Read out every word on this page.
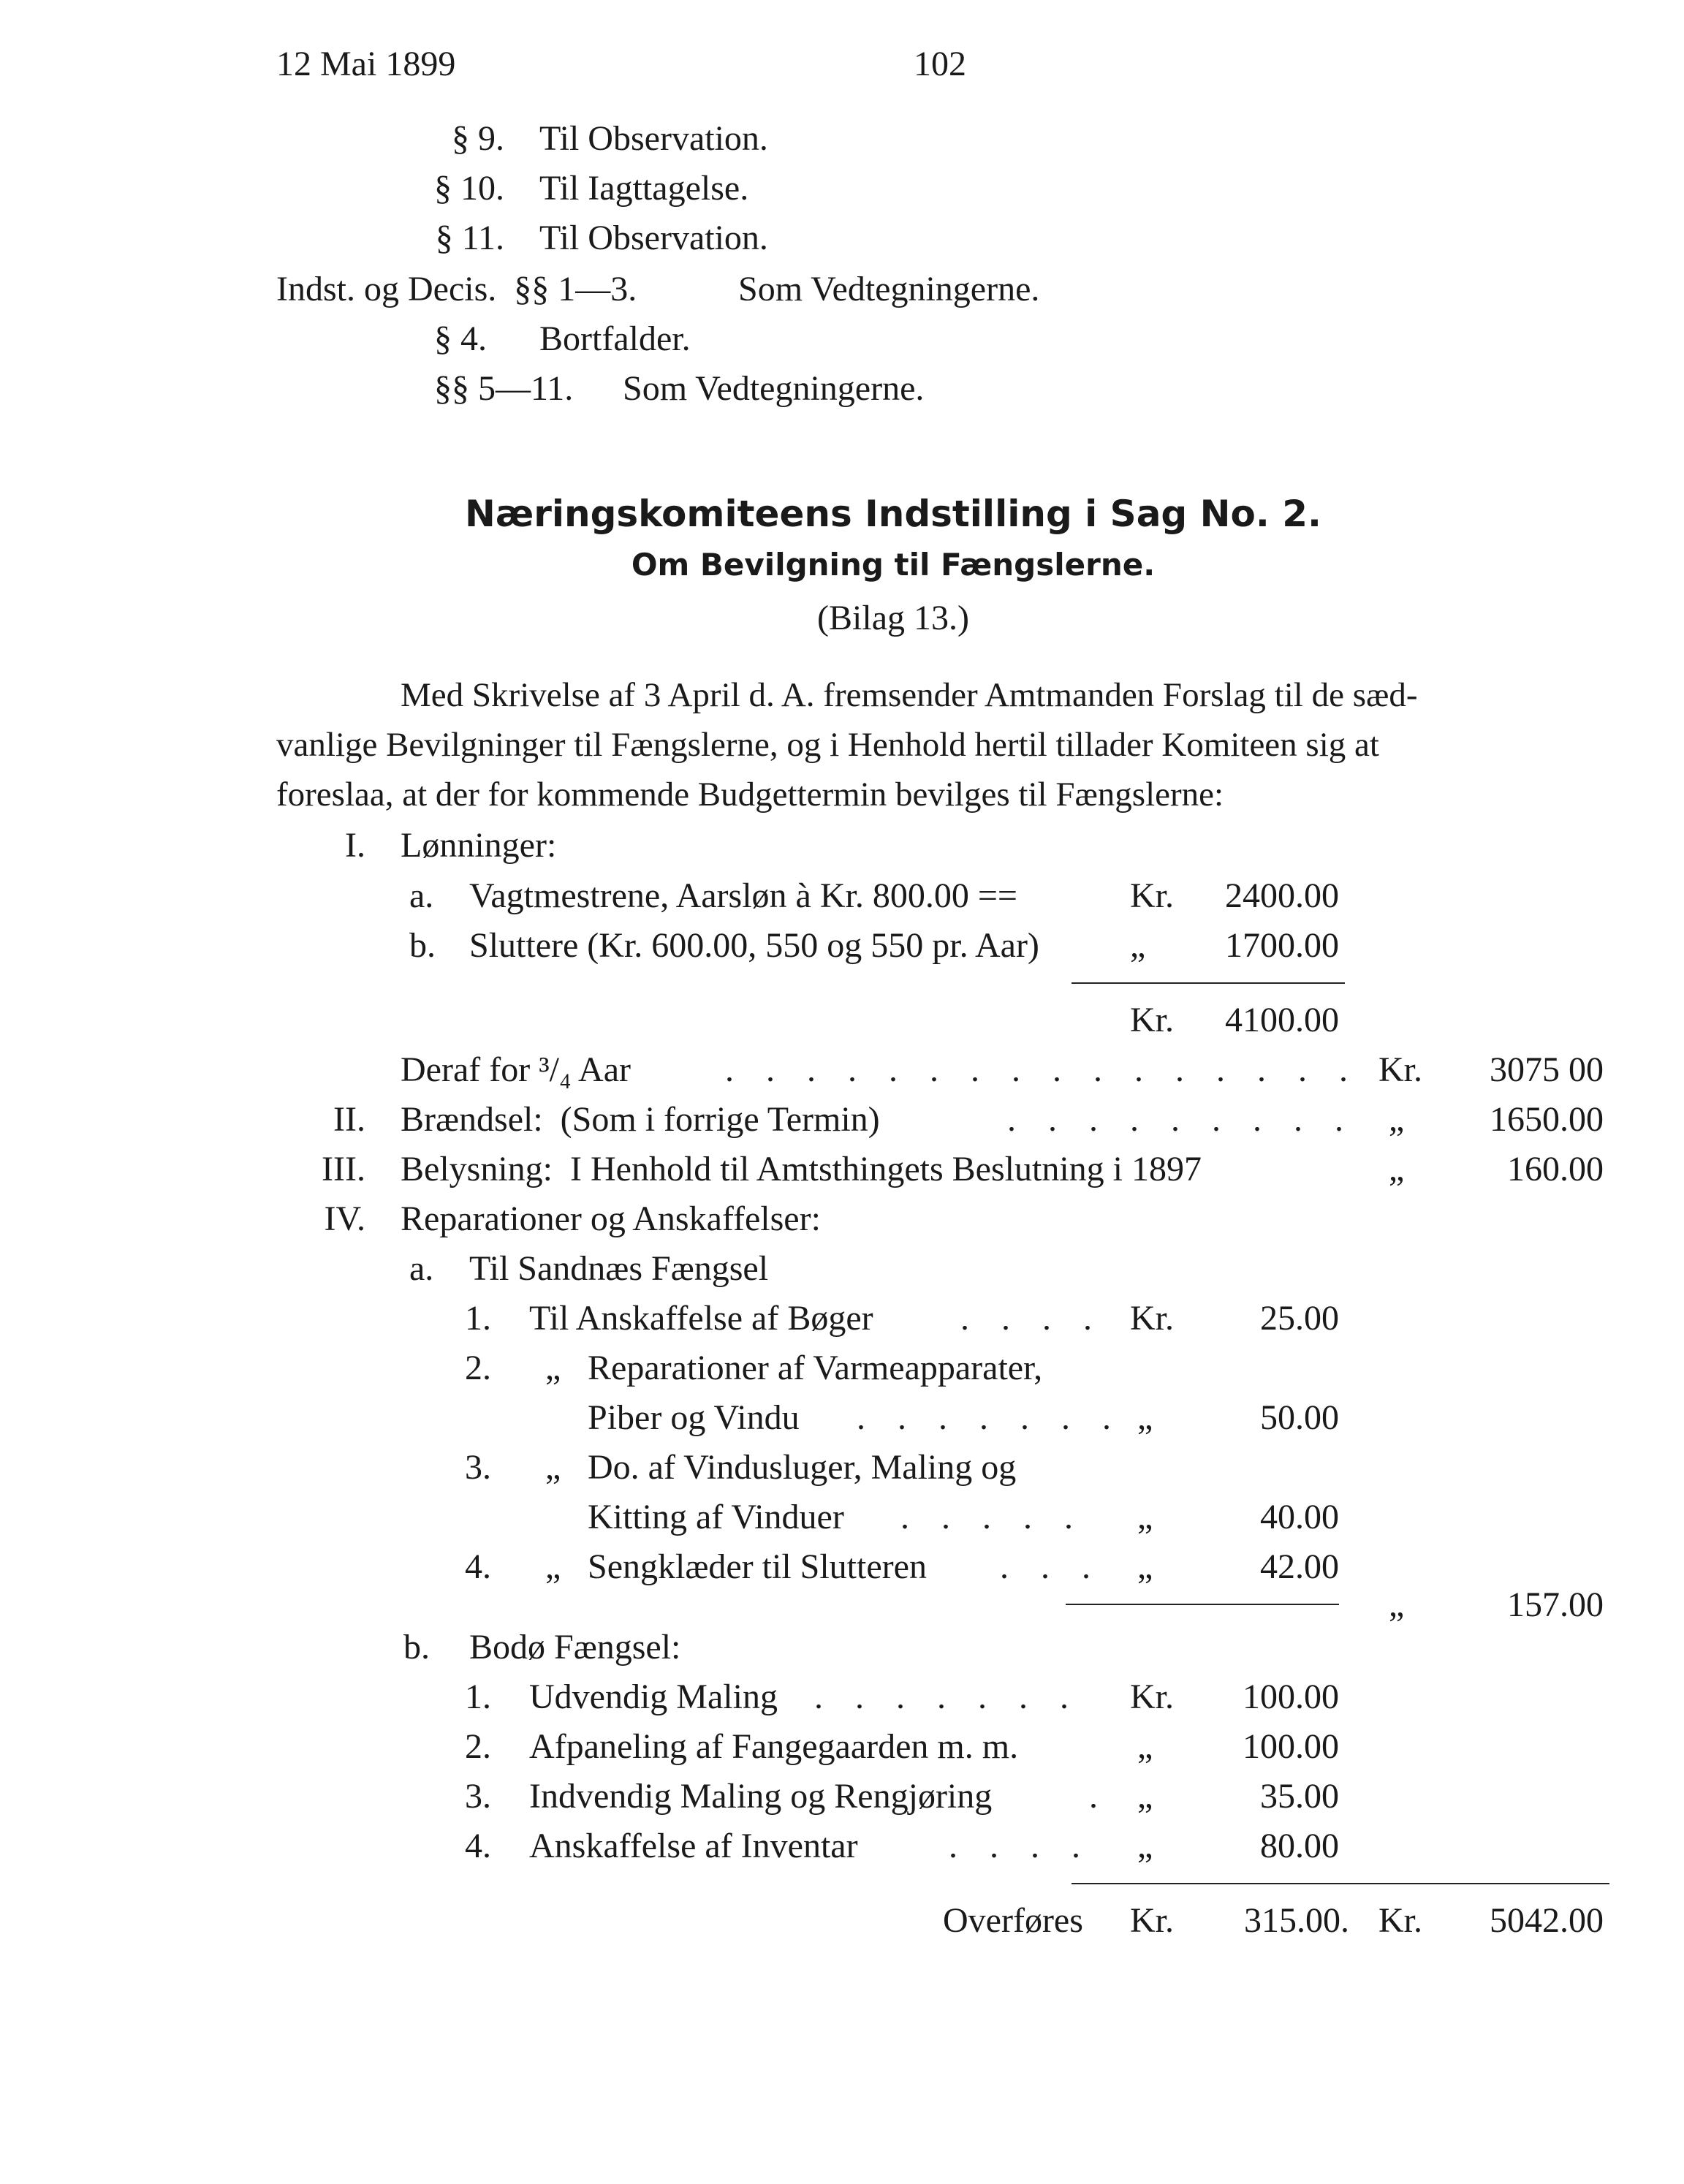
12 Mai 1899	102
§ 9. Til Observation.
§ 10. Til Iagttagelse.
§ 11. Til Observation.
Indst. og Decis.  §§ 1—3.	Som Vedtegningerne.
§ 4. Bortfalder.
§§ 5—11. Som Vedtegningerne.
Næringskomiteens Indstilling i Sag No. 2.
Om Bevilgning til Fængslerne.
(Bilag 13.)
Med Skrivelse af 3 April d. A. fremsender Amtmanden Forslag til de sæd-
vanlige Bevilgninger til Fængslerne, og i Henhold hertil tillader Komiteen sig at
foreslaa, at der for kommende Budgettermin bevilges til Fængslerne:
I. Lønninger:
a. Vagtmestrene, Aarsløn à Kr. 800.00 ==	Kr.	2400.00
b. Sluttere (Kr. 600.00, 550 og 550 pr. Aar)	„	1700.00
Kr.	4100.00
Deraf for ³/₄ Aar	. . . . . . . . . . . . . . . . Kr.	3075 00
II. Brændsel:  (Som i forrige Termin)	. . . . . . . . . „	1650.00
III. Belysning:  I Henhold til Amtsthingets Beslutning i 1897	„	160.00
IV. Reparationer og Anskaffelser:
a. Til Sandnæs Fængsel
1. Til Anskaffelse af Bøger . . . . Kr.	25.00
2. „ Reparationer af Varmeapparater,
Piber og Vindu . . . . . . . „	50.00
3. „ Do. af Vindusluger, Maling og
Kitting af Vinduer . . . . . „	40.00
4. „ Sengklæder til Slutteren . . . „	42.00
„	157.00
b. Bodø Fængsel:
1. Udvendig Maling . . . . . . . Kr.	100.00
2. Afpaneling af Fangegaarden m. m.	„	100.00
3. Indvendig Maling og Rengjøring	. „	35.00
4. Anskaffelse af Inventar	. . . . „	80.00
Overføres Kr.	315.00. Kr.	5042.00
